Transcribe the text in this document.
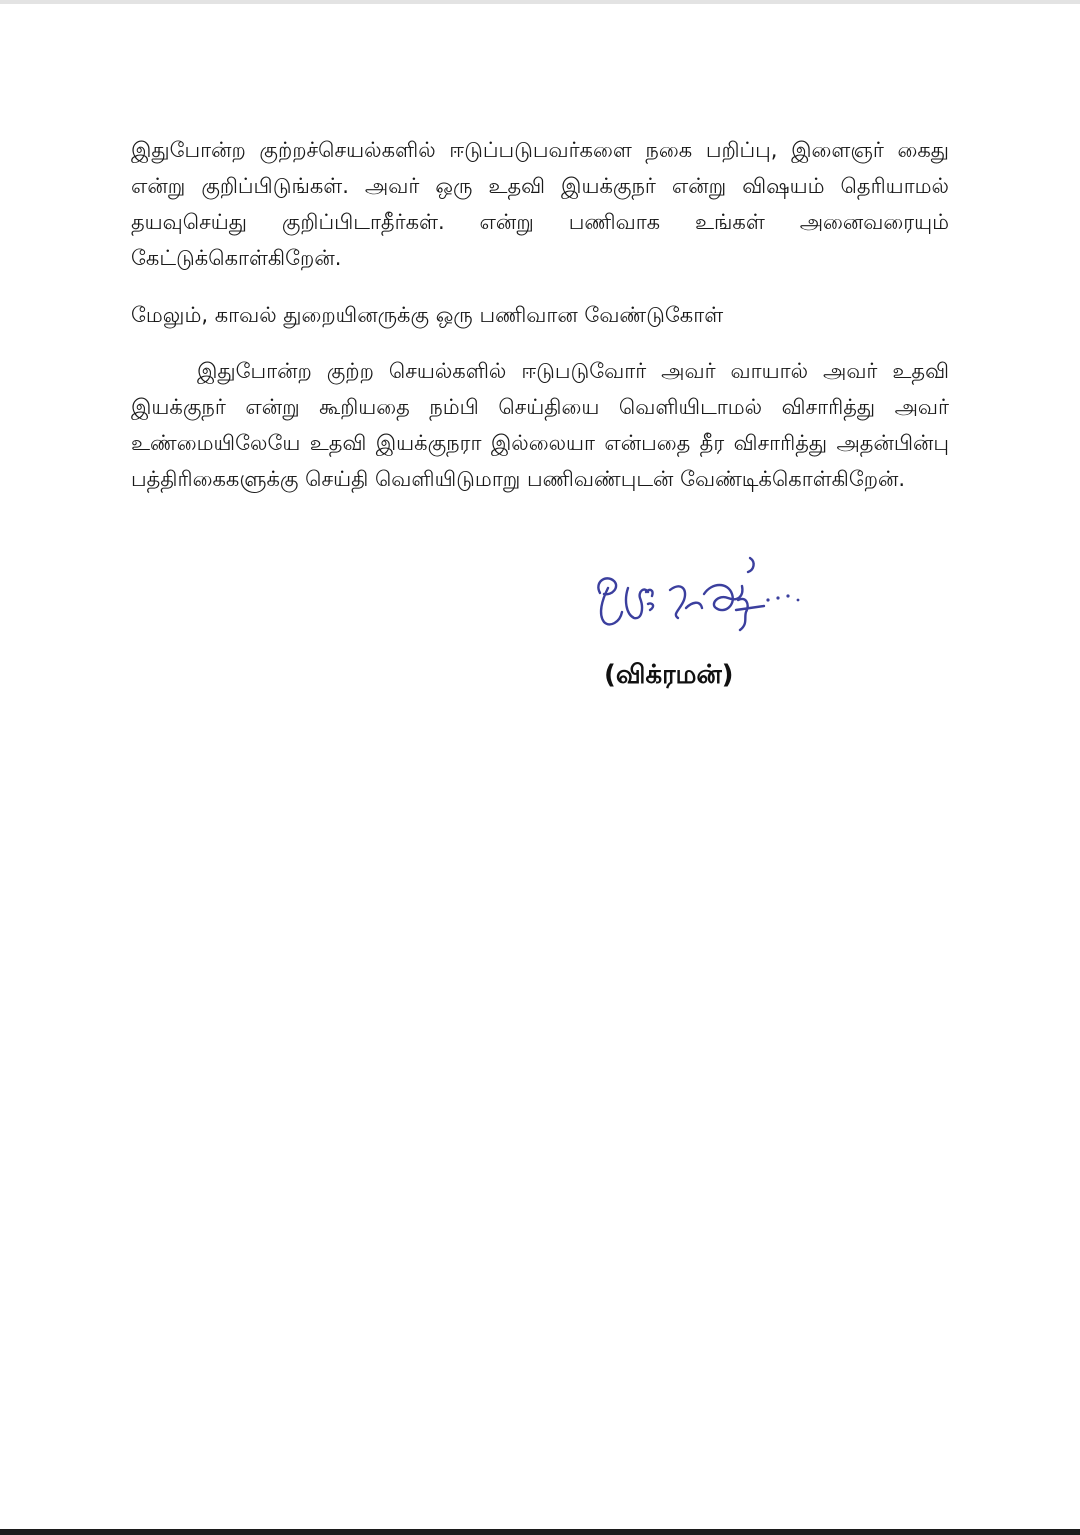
இதுபோன்ற குற்றச்செயல்களில் ஈடுப்படுபவர்களை நகை பறிப்பு, இளைஞர் கைது என்று குறிப்பிடுங்கள். அவர் ஒரு உதவி இயக்குநர் என்று விஷயம் தெரியாமல் தயவுசெய்து குறிப்பிடாதீர்கள். என்று பணிவாக உங்கள் அனைவரையும் கேட்டுக்கொள்கிறேன்.

மேலும், காவல் துறையினருக்கு ஒரு பணிவான வேண்டுகோள்

இதுபோன்ற குற்ற செயல்களில் ஈடுபடுவோர் அவர் வாயால் அவர் உதவி இயக்குநர் என்று கூறியதை நம்பி செய்தியை வெளியிடாமல் விசாரித்து அவர் உண்மையிலேயே உதவி இயக்குநரா இல்லையா என்பதை தீர விசாரித்து அதன்பின்பு பத்திரிகைகளுக்கு செய்தி வெளியிடுமாறு பணிவண்புடன் வேண்டிக்கொள்கிறேன்.

(விக்ரமன்)
